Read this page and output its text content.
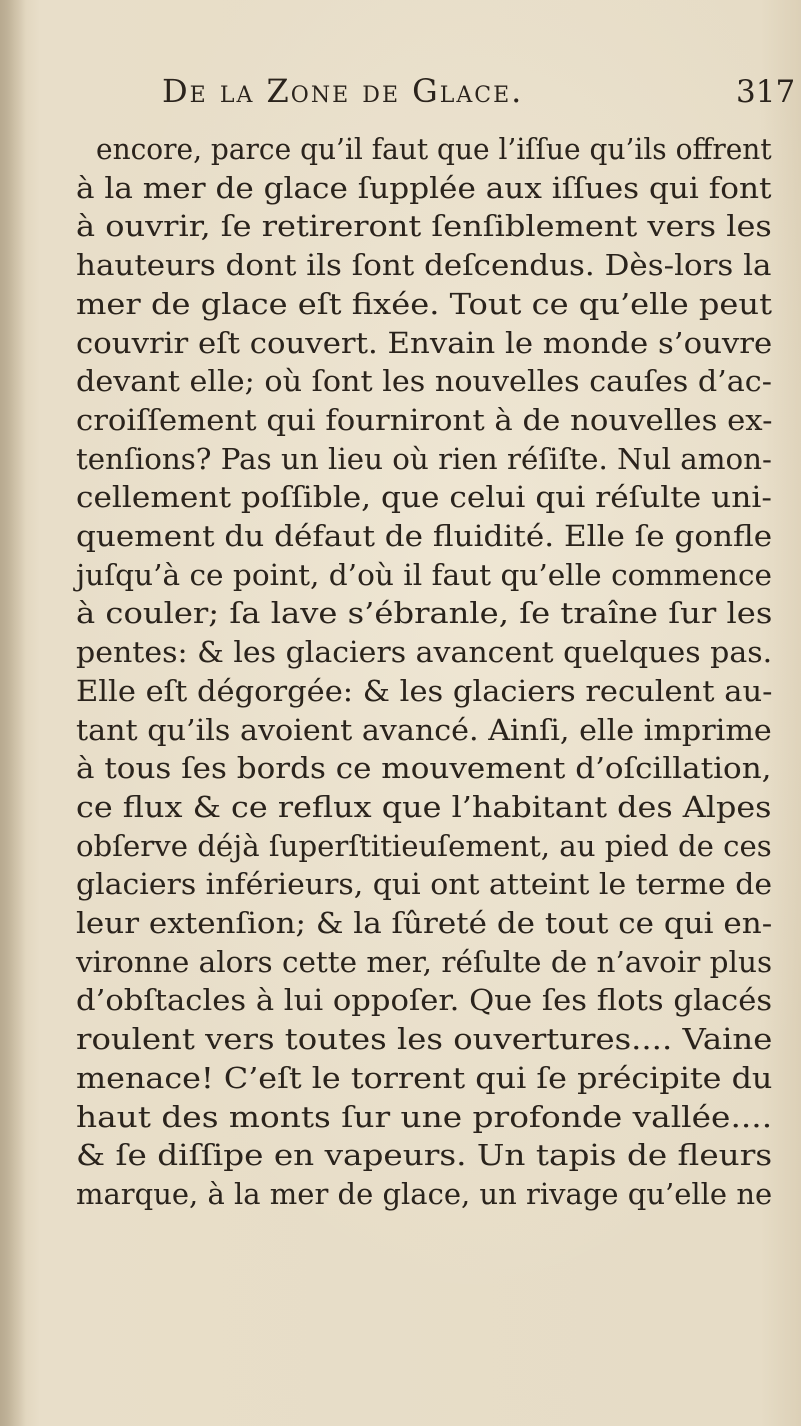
De la Zone de Glace.	317
encore, parce qu’il faut que l’iſſue qu’ils offrent
à la mer de glace ſupplée aux iſſues qui font
à ouvrir, ſe retireront ſenſiblement vers les
hauteurs dont ils ſont deſcendus. Dès-lors la
mer de glace eſt fixée. Tout ce qu’elle peut
couvrir eſt couvert. Envain le monde s’ouvre
devant elle; où ſont les nouvelles cauſes d’ac-
croiſſement qui fourniront à de nouvelles ex-
tenſions? Pas un lieu où rien réſiſte. Nul amon-
cellement poſſible, que celui qui réſulte uni-
quement du défaut de fluidité. Elle ſe gonfle
juſqu’à ce point, d’où il faut qu’elle commence
à couler; ſa lave s’ébranle, ſe traîne ſur les
pentes: & les glaciers avancent quelques pas.
Elle eſt dégorgée: & les glaciers reculent au-
tant qu’ils avoient avancé. Ainſi, elle imprime
à tous ſes bords ce mouvement d’oſcillation,
ce flux & ce reflux que l’habitant des Alpes
obſerve déjà ſuperſtitieuſement, au pied de ces
glaciers inférieurs, qui ont atteint le terme de
leur extenſion; & la ſûreté de tout ce qui en-
vironne alors cette mer, réſulte de n’avoir plus
d’obſtacles à lui oppoſer. Que ſes flots glacés
roulent vers toutes les ouvertures.... Vaine
menace! C’eſt le torrent qui ſe précipite du
haut des monts ſur une profonde vallée....
& ſe diſſipe en vapeurs. Un tapis de fleurs
marque, à la mer de glace, un rivage qu’elle ne
